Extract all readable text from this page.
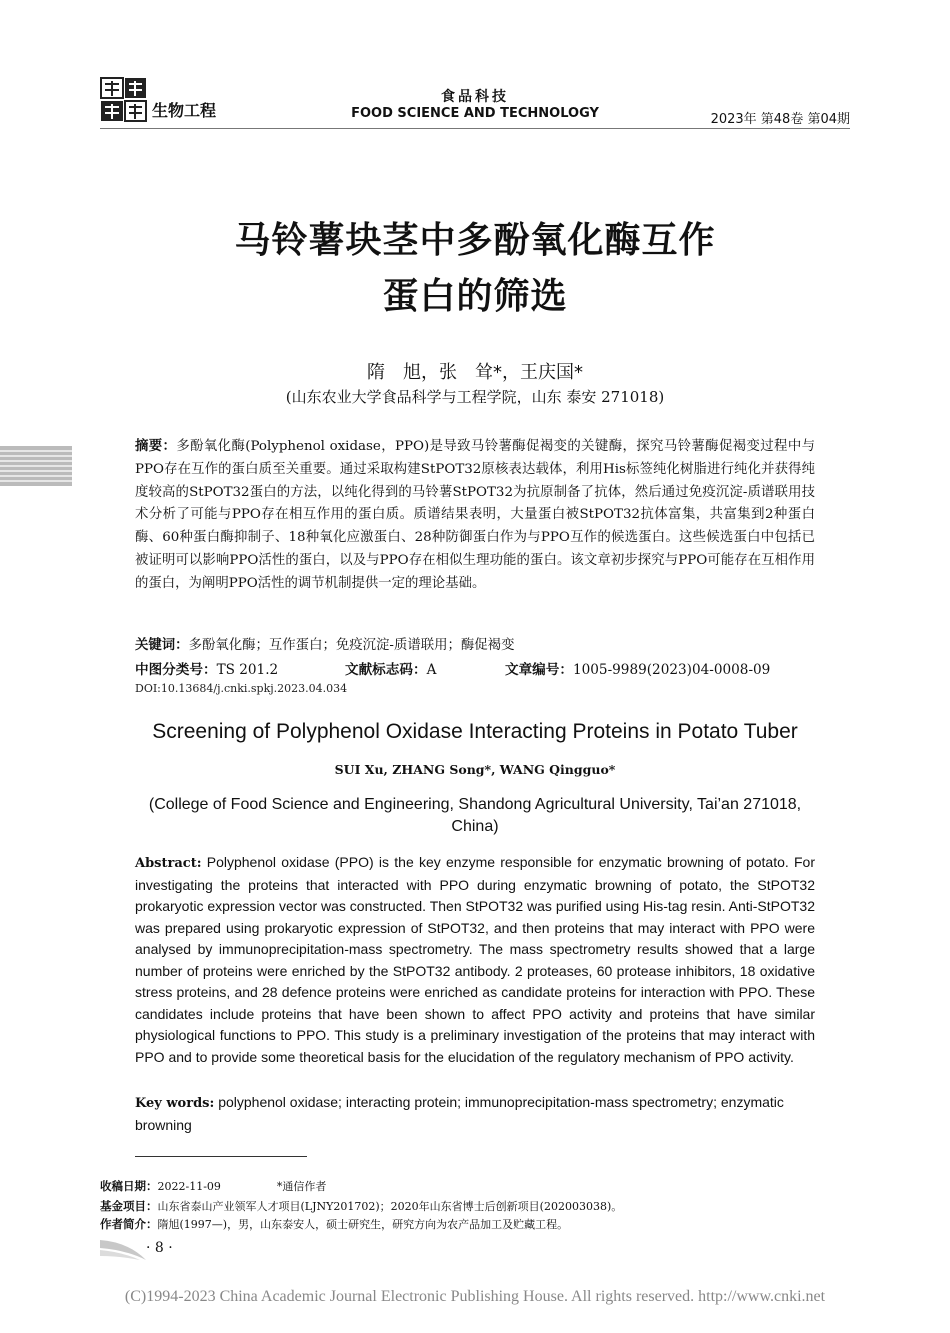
生物工程
食品科技
FOOD SCIENCE AND TECHNOLOGY	2023年 第48卷 第04期
马铃薯块茎中多酚氧化酶互作
蛋白的筛选
隋　旭，张　耸*，王庆国*
(山东农业大学食品科学与工程学院，山东 泰安 271018)
摘要：多酚氧化酶(Polyphenol oxidase，PPO)是导致马铃薯酶促褐变的关键酶，探究马铃薯酶促褐变过程中与PPO存在互作的蛋白质至关重要。通过采取构建StPOT32原核表达载体，利用His标签纯化树脂进行纯化并获得纯度较高的StPOT32蛋白的方法，以纯化得到的马铃薯StPOT32为抗原制备了抗体，然后通过免疫沉淀-质谱联用技术分析了可能与PPO存在相互作用的蛋白质。质谱结果表明，大量蛋白被StPOT32抗体富集，共富集到2种蛋白酶、60种蛋白酶抑制子、18种氧化应激蛋白、28种防御蛋白作为与PPO互作的候选蛋白。这些候选蛋白中包括已被证明可以影响PPO活性的蛋白，以及与PPO存在相似生理功能的蛋白。该文章初步探究与PPO可能存在互相作用的蛋白，为阐明PPO活性的调节机制提供一定的理论基础。
关键词：多酚氧化酶；互作蛋白；免疫沉淀-质谱联用；酶促褐变
中图分类号：TS 201.2	文献标志码：A	文章编号：1005-9989(2023)04-0008-09
DOI:10.13684/j.cnki.spkj.2023.04.034
Screening of Polyphenol Oxidase Interacting Proteins in Potato Tuber
SUI Xu, ZHANG Song*, WANG Qingguo*
(College of Food Science and Engineering, Shandong Agricultural University, Tai’an 271018, China)
Abstract: Polyphenol oxidase (PPO) is the key enzyme responsible for enzymatic browning of potato. For investigating the proteins that interacted with PPO during enzymatic browning of potato, the StPOT32 prokaryotic expression vector was constructed. Then StPOT32 was purified using His-tag resin. Anti-StPOT32 was prepared using prokaryotic expression of StPOT32, and then proteins that may interact with PPO were analysed by immunoprecipitation-mass spectrometry. The mass spectrometry results showed that a large number of proteins were enriched by the StPOT32 antibody. 2 proteases, 60 protease inhibitors, 18 oxidative stress proteins, and 28 defence proteins were enriched as candidate proteins for interaction with PPO. These candidates include proteins that have been shown to affect PPO activity and proteins that have similar physiological functions to PPO. This study is a preliminary investigation of the proteins that may interact with PPO and to provide some theoretical basis for the elucidation of the regulatory mechanism of PPO activity.
Key words: polyphenol oxidase; interacting protein; immunoprecipitation-mass spectrometry; enzymatic browning
收稿日期：2022-11-09	*通信作者
基金项目：山东省泰山产业领军人才项目(LJNY201702)；2020年山东省博士后创新项目(202003038)。
作者简介：隋旭(1997—)，男，山东泰安人，硕士研究生，研究方向为农产品加工及贮藏工程。
· 8 ·
(C)1994-2023 China Academic Journal Electronic Publishing House. All rights reserved. http://www.cnki.net
